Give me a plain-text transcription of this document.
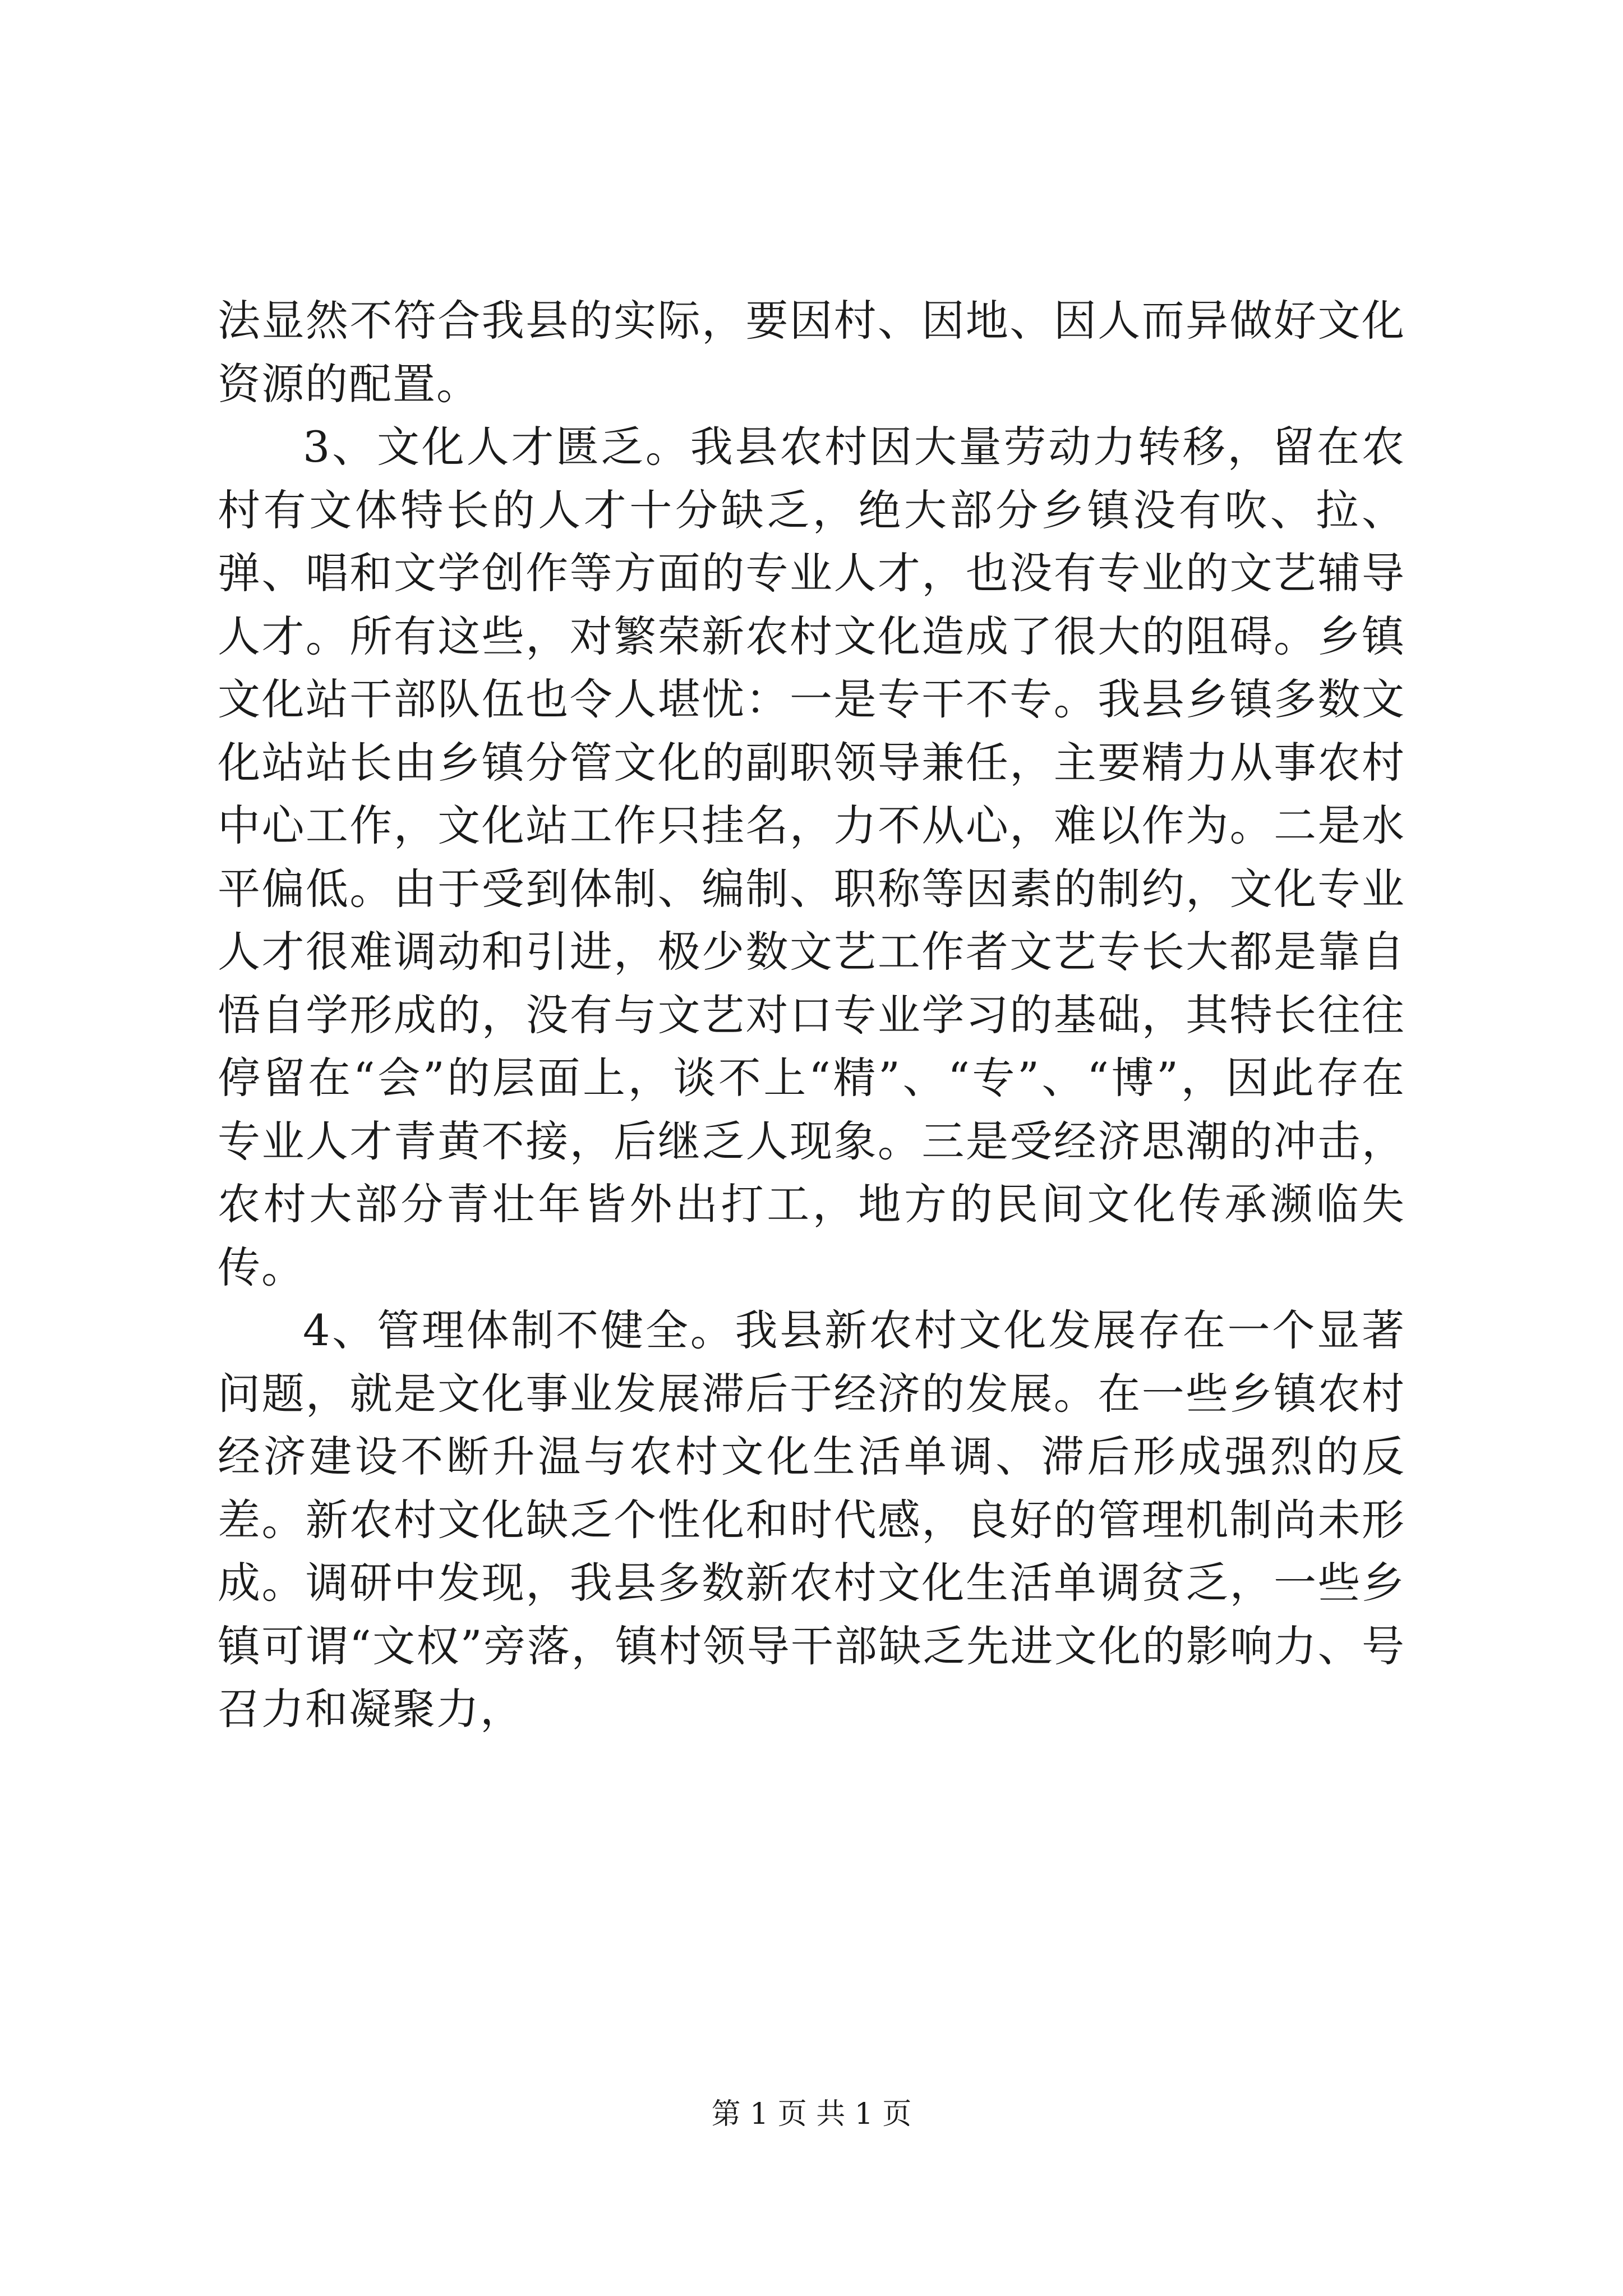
法显然不符合我县的实际，要因村、因地、因人而异做好文化资源的配置。

3、文化人才匮乏。我县农村因大量劳动力转移，留在农村有文体特长的人才十分缺乏，绝大部分乡镇没有吹、拉、弹、唱和文学创作等方面的专业人才，也没有专业的文艺辅导人才。所有这些，对繁荣新农村文化造成了很大的阻碍。乡镇文化站干部队伍也令人堪忧：一是专干不专。我县乡镇多数文化站站长由乡镇分管文化的副职领导兼任，主要精力从事农村中心工作，文化站工作只挂名，力不从心，难以作为。二是水平偏低。由于受到体制、编制、职称等因素的制约，文化专业人才很难调动和引进，极少数文艺工作者文艺专长大都是靠自悟自学形成的，没有与文艺对口专业学习的基础，其特长往往停留在“会”的层面上，谈不上“精”、“专”、“博”，因此存在专业人才青黄不接，后继乏人现象。三是受经济思潮的冲击，农村大部分青壮年皆外出打工，地方的民间文化传承濒临失传。

4、管理体制不健全。我县新农村文化发展存在一个显著问题，就是文化事业发展滞后于经济的发展。在一些乡镇农村经济建设不断升温与农村文化生活单调、滞后形成强烈的反差。新农村文化缺乏个性化和时代感，良好的管理机制尚未形成。调研中发现，我县多数新农村文化生活单调贫乏，一些乡镇可谓“文权”旁落，镇村领导干部缺乏先进文化的影响力、号召力和凝聚力，

第 1 页 共 1 页
